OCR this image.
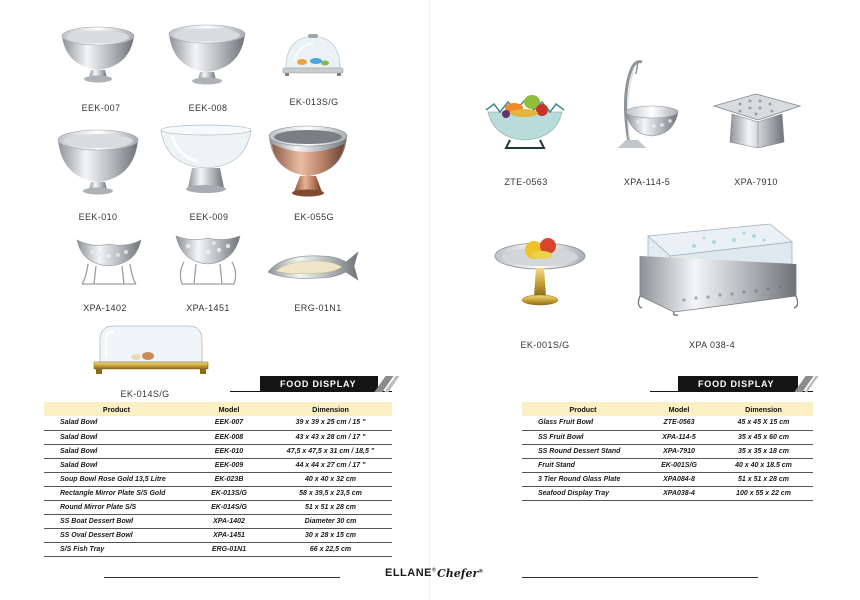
EEK-007	EEK-008
EK-013S/G
EEK-010	EEK-009	EK-055G
XPA-1402	XPA-1451	ERG-01N1
EK-014S/G
FOOD DISPLAY
Product	Model	Dimension
Salad Bowl	EEK-007	39 x 39 x 25 cm / 15 "
Salad Bowl	EEK-008	43 x 43 x 28 cm / 17 "
Salad Bowl	EEK-010	47,5 x 47,5 x 31 cm / 18,5 "
Salad Bowl	EEK-009	44 x 44 x 27 cm / 17 "
Soup Bowl Rose Gold 13,5 Litre	EK-023B	40 x 40 x 32 cm
Rectangle Mirror Plate S/S Gold	EK-013S/G	58 x 39,5 x 23,5 cm
Round Mirror Plate S/S	EK-014S/G	51 x 51 x 28 cm
SS Boat Dessert Bowl	XPA-1402	Diameter 30 cm
SS Oval Dessert Bowl	XPA-1451	30 x 28 x 15 cm
S/S Fish Tray	ERG-01N1	66 x 22,5 cm
ZTE-0563	XPA-114-5	XPA-7910
EK-001S/G	XPA 038-4
FOOD DISPLAY
Product	Model	Dimension
Glass Fruit Bowl	ZTE-0563	45 x 45 X 15 cm
SS Fruit Bowl	XPA-114-5	35 x 45 x 60 cm
SS Round Dessert Stand	XPA-7910	35 x 35 x 18 cm
Fruit Stand	EK-001S/G	40 x 40 x 18.5 cm
3 Tier Round Glass Plate	XPA084-8	51 x 51 x 28 cm
Seafood Display Tray	XPA038-4	100 x 55 x 22 cm
ELLANE® Chefer®
